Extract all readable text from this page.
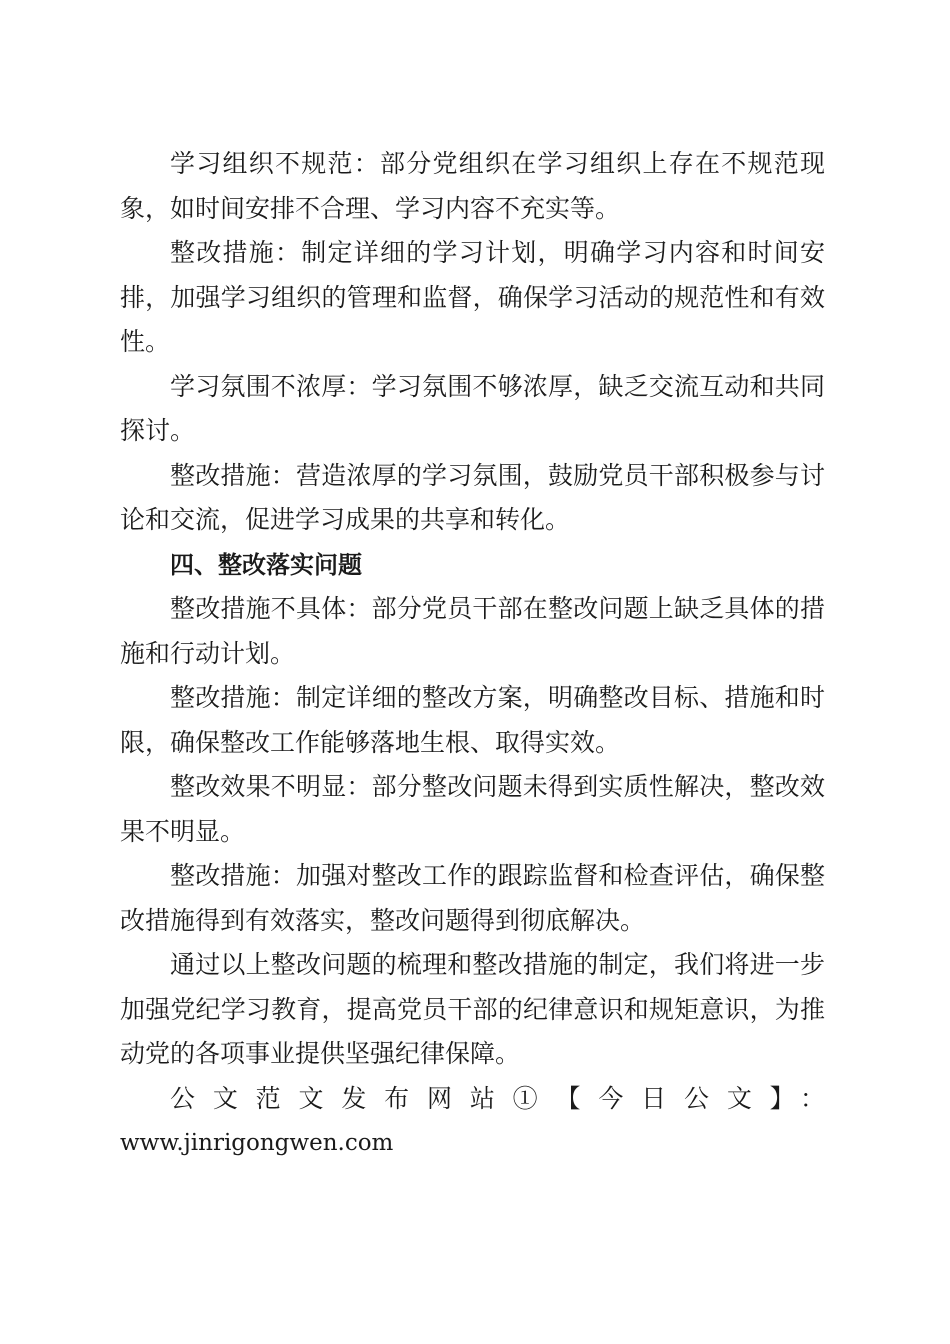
学习组织不规范：部分党组织在学习组织上存在不规范现象，如时间安排不合理、学习内容不充实等。

整改措施：制定详细的学习计划，明确学习内容和时间安排，加强学习组织的管理和监督，确保学习活动的规范性和有效性。

学习氛围不浓厚：学习氛围不够浓厚，缺乏交流互动和共同探讨。

整改措施：营造浓厚的学习氛围，鼓励党员干部积极参与讨论和交流，促进学习成果的共享和转化。

四、整改落实问题

整改措施不具体：部分党员干部在整改问题上缺乏具体的措施和行动计划。

整改措施：制定详细的整改方案，明确整改目标、措施和时限，确保整改工作能够落地生根、取得实效。

整改效果不明显：部分整改问题未得到实质性解决，整改效果不明显。

整改措施：加强对整改工作的跟踪监督和检查评估，确保整改措施得到有效落实，整改问题得到彻底解决。

通过以上整改问题的梳理和整改措施的制定，我们将进一步加强党纪学习教育，提高党员干部的纪律意识和规矩意识，为推动党的各项事业提供坚强纪律保障。

公文范文发布网站①【今日公文】：

www.jinrigongwen.com
